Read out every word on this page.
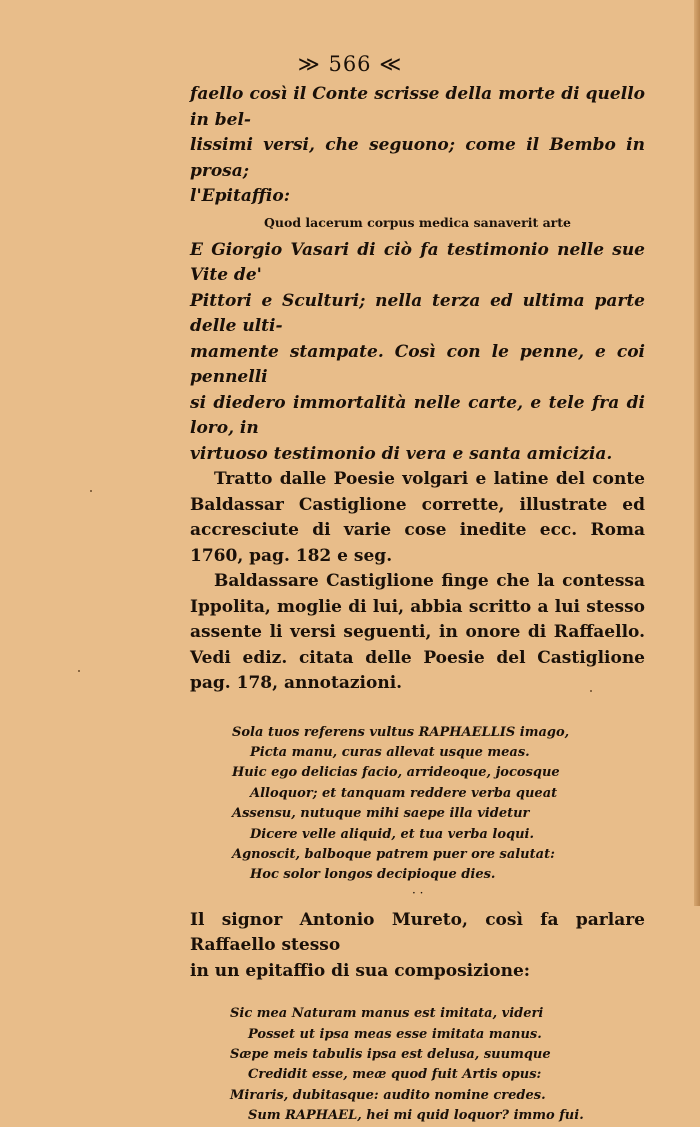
≫ 566 ≪

faello così il Conte scrisse della morte di quello in bel-
lissimi versi, che seguono; come il Bembo in prosa;
l'Epitaffio:

Quod lacerum corpus medica sanaverit arte

E Giorgio Vasari di ciò fa testimonio nelle sue Vite de'
Pittori e Sculturi; nella terza ed ultima parte delle ulti-
mamente stampate. Così con le penne, e coi pennelli
si diedero immortalità nelle carte, e tele fra di loro, in
virtuoso testimonio di vera e santa amicizia.

Tratto dalle Poesie volgari e latine del conte Baldassar Castiglione corrette, illustrate ed accresciute di varie cose inedite ecc. Roma 1760, pag. 182 e seg.

Baldassare Castiglione finge che la contessa Ippolita, moglie di lui, abbia scritto a lui stesso assente li versi seguenti, in onore di Raffaello. Vedi ediz. citata delle Poesie del Castiglione pag. 178, annotazioni.

Sola tuos referens vultus RAPHAELLIS imago,
Picta manu, curas allevat usque meas.
Huic ego delicias facio, arrideoque, jocosque
Alloquor; et tanquam reddere verba queat
Assensu, nutuque mihi saepe illa videtur
Dicere velle aliquid, et tua verba loqui.
Agnoscit, balboque patrem puer ore salutat:
Hoc solor longos decipioque dies.

Il signor Antonio Mureto, così fa parlare Raffaello stesso
in un epitaffio di sua composizione:

Sic mea Naturam manus est imitata, videri
Posset ut ipsa meas esse imitata manus.
Sæpe meis tabulis ipsa est delusa, suumque
Credidit esse, meæ quod fuit Artis opus:
Miraris, dubitasque: audito nomine credes.
Sum RAPHAEL, hei mi quid loquor? immo fui.
· ·
